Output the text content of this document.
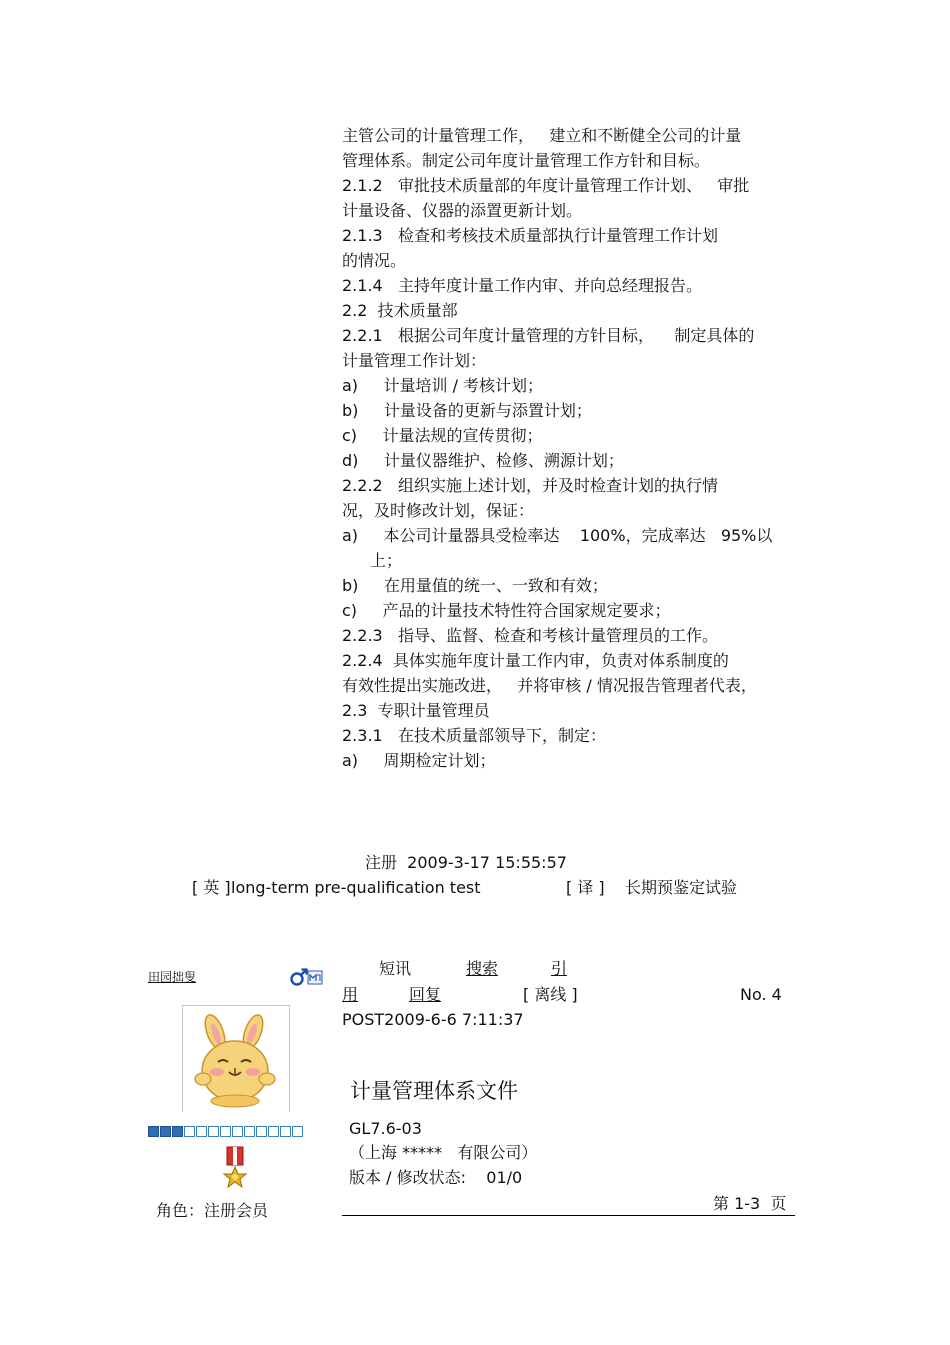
主管公司的计量管理工作，   建立和不断健全公司的计量
管理体系。制定公司年度计量管理工作方针和目标。
2.1.2   审批技术质量部的年度计量管理工作计划、   审批
计量设备、仪器的添置更新计划。
2.1.3   检查和考核技术质量部执行计量管理工作计划
的情况。
2.1.4   主持年度计量工作内审、并向总经理报告。
2.2  技术质量部
2.2.1   根据公司年度计量管理的方针目标，    制定具体的
计量管理工作计划：
a)     计量培训 / 考核计划；
b)     计量设备的更新与添置计划；
c)     计量法规的宣传贯彻；
d)     计量仪器维护、检修、溯源计划；
2.2.2   组织实施上述计划，并及时检查计划的执行情
况，及时修改计划，保证：
a)     本公司计量器具受检率达    100%，完成率达   95%以
上；
b)     在用量值的统一、一致和有效；
c)     产品的计量技术特性符合国家规定要求；
2.2.3   指导、监督、检查和考核计量管理员的工作。
2.2.4  具体实施年度计量工作内审，负责对体系制度的
有效性提出实施改进，   并将审核 / 情况报告管理者代表，
2.3  专职计量管理员
2.3.1   在技术质量部领导下，制定：
a)     周期检定计划；
注册  2009-3-17 15:55:57
[ 英 ] long-term pre-qualification test	[ 译 ] 长期预鉴定试验
田园拙叟
角色：注册会员
短讯	搜索	引
用	回复	[ 离线 ]	No. 4
POST2009-6-6 7:11:37
计量管理体系文件
GL7.6-03
（上海 *****   有限公司）
版本 / 修改状态:    01/0
第 1-3  页
